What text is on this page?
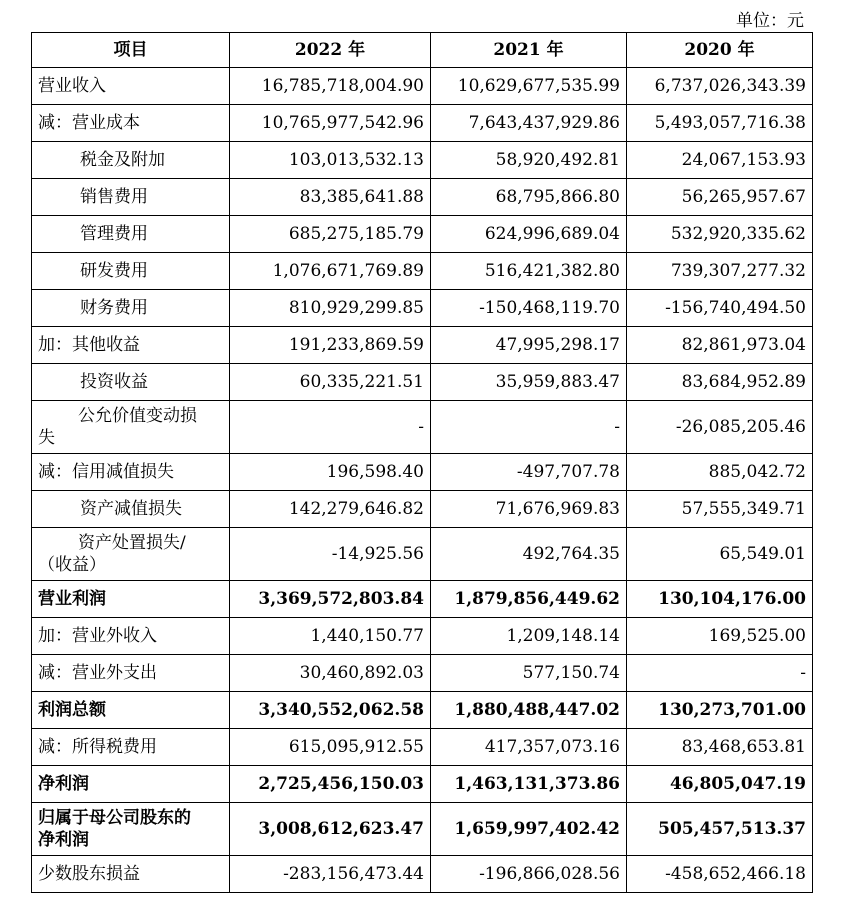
单位：元
项目	2022 年	2021 年	2020 年
营业收入	16,785,718,004.90	10,629,677,535.99	6,737,026,343.39
减：营业成本	10,765,977,542.96	7,643,437,929.86	5,493,057,716.38
税金及附加	103,013,532.13	58,920,492.81	24,067,153.93
销售费用	83,385,641.88	68,795,866.80	56,265,957.67
管理费用	685,275,185.79	624,996,689.04	532,920,335.62
研发费用	1,076,671,769.89	516,421,382.80	739,307,277.32
财务费用	810,929,299.85	-150,468,119.70	-156,740,494.50
加：其他收益	191,233,869.59	47,995,298.17	82,861,973.04
投资收益	60,335,221.51	35,959,883.47	83,684,952.89
公允价值变动损
失	-	-	-26,085,205.46
减：信用减值损失	196,598.40	-497,707.78	885,042.72
资产减值损失	142,279,646.82	71,676,969.83	57,555,349.71
资产处置损失/
（收益）	-14,925.56	492,764.35	65,549.01
营业利润	3,369,572,803.84	1,879,856,449.62	130,104,176.00
加：营业外收入	1,440,150.77	1,209,148.14	169,525.00
减：营业外支出	30,460,892.03	577,150.74	-
利润总额	3,340,552,062.58	1,880,488,447.02	130,273,701.00
减：所得税费用	615,095,912.55	417,357,073.16	83,468,653.81
净利润	2,725,456,150.03	1,463,131,373.86	46,805,047.19
归属于母公司股东的
净利润	3,008,612,623.47	1,659,997,402.42	505,457,513.37
少数股东损益	-283,156,473.44	-196,866,028.56	-458,652,466.18
